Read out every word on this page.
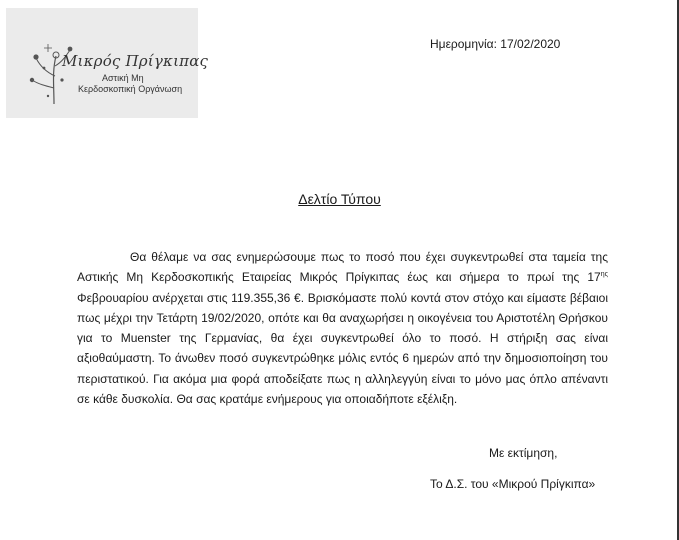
Μικρός Πρίγκιπας
Αστική Μη
Κερδοσκοπική Οργάνωση
Ημερομηνία: 17/02/2020
Δελτίο Τύπου

Θα θέλαμε να σας ενημερώσουμε πως το ποσό που έχει συγκεντρωθεί στα ταμεία της Αστικής Μη Κερδοσκοπικής Εταιρείας Μικρός Πρίγκιπας έως και σήμερα το πρωί της $17^{\eta\varsigma}$ Φεβρουαρίου ανέρχεται στις 119.355,36 €. Βρισκόμαστε πολύ κοντά στον στόχο και είμαστε βέβαιοι πως μέχρι την Τετάρτη 19/02/2020, οπότε και θα αναχωρήσει η οικογένεια του Αριστοτέλη Θρήσκου για το Muenster της Γερμανίας, θα έχει συγκεντρωθεί όλο το ποσό. Η στήριξη σας είναι αξιοθαύμαστη. Το άνωθεν ποσό συγκεντρώθηκε μόλις εντός 6 ημερών από την δημοσιοποίηση του περιστατικού. Για ακόμα μια φορά αποδείξατε πως η αλληλεγγύη είναι το μόνο μας όπλο απέναντι σε κάθε δυσκολία. Θα σας κρατάμε ενήμερους για οποιαδήποτε εξέλιξη.

Με εκτίμηση,
Το Δ.Σ. του «Μικρού Πρίγκιπα»
